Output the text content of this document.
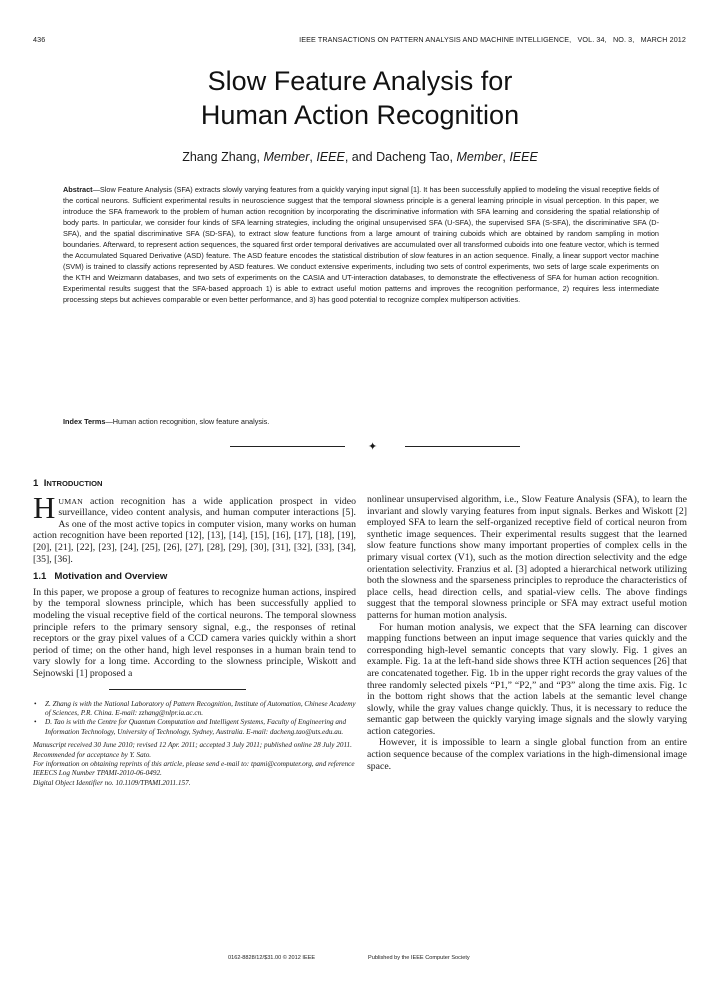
436	IEEE TRANSACTIONS ON PATTERN ANALYSIS AND MACHINE INTELLIGENCE,   VOL. 34,   NO. 3,   MARCH 2012
Slow Feature Analysis for
Human Action Recognition
Zhang Zhang, Member, IEEE, and Dacheng Tao, Member, IEEE
Abstract—Slow Feature Analysis (SFA) extracts slowly varying features from a quickly varying input signal [1]. It has been successfully applied to modeling the visual receptive fields of the cortical neurons. Sufficient experimental results in neuroscience suggest that the temporal slowness principle is a general learning principle in visual perception. In this paper, we introduce the SFA framework to the problem of human action recognition by incorporating the discriminative information with SFA learning and considering the spatial relationship of body parts. In particular, we consider four kinds of SFA learning strategies, including the original unsupervised SFA (U-SFA), the supervised SFA (S-SFA), the discriminative SFA (D-SFA), and the spatial discriminative SFA (SD-SFA), to extract slow feature functions from a large amount of training cuboids which are obtained by random sampling in motion boundaries. Afterward, to represent action sequences, the squared first order temporal derivatives are accumulated over all transformed cuboids into one feature vector, which is termed the Accumulated Squared Derivative (ASD) feature. The ASD feature encodes the statistical distribution of slow features in an action sequence. Finally, a linear support vector machine (SVM) is trained to classify actions represented by ASD features. We conduct extensive experiments, including two sets of control experiments, two sets of large scale experiments on the KTH and Weizmann databases, and two sets of experiments on the CASIA and UT-interaction databases, to demonstrate the effectiveness of SFA for human action recognition. Experimental results suggest that the SFA-based approach 1) is able to extract useful motion patterns and improves the recognition performance, 2) requires less intermediate processing steps but achieves comparable or even better performance, and 3) has good potential to recognize complex multiperson activities.
Index Terms—Human action recognition, slow feature analysis.
✦
1 INTRODUCTION

HUMAN action recognition has a wide application prospect in video surveillance, video content analysis, and human computer interactions [5]. As one of the most active topics in computer vision, many works on human action recognition have been reported [12], [13], [14], [15], [16], [17], [18], [19], [20], [21], [22], [23], [24], [25], [26], [27], [28], [29], [30], [31], [32], [33], [34], [35], [36].

1.1   Motivation and Overview

In this paper, we propose a group of features to recognize human actions, inspired by the temporal slowness principle, which has been successfully applied to modeling the visual receptive field of the cortical neurons. The temporal slowness principle refers to the primary sensory signal, e.g., the responses of retinal receptors or the gray pixel values of a CCD camera varies quickly within a short period of time; on the other hand, high level responses in a human brain tend to vary slowly for a long time. According to the slowness principle, Wiskott and Sejnowski [1] proposed a

• Z. Zhang is with the National Laboratory of Pattern Recognition, Institute of Automation, Chinese Academy of Sciences, P.R. China. E-mail: zzhang@nlpr.ia.ac.cn.

• D. Tao is with the Centre for Quantum Computation and Intelligent Systems, Faculty of Engineering and Information Technology, University of Technology, Sydney, Australia. E-mail: dacheng.tao@uts.edu.au.

Manuscript received 30 June 2010; revised 12 Apr. 2011; accepted 3 July 2011; published online 28 July 2011.

Recommended for acceptance by Y. Sato.

For information on obtaining reprints of this article, please send e-mail to: tpami@computer.org, and reference IEEECS Log Number TPAMI-2010-06-0492.

Digital Object Identifier no. 10.1109/TPAMI.2011.157.

nonlinear unsupervised algorithm, i.e., Slow Feature Analysis (SFA), to learn the invariant and slowly varying features from input signals. Berkes and Wiskott [2] employed SFA to learn the self-organized receptive field of cortical neuron from synthetic image sequences. Their experimental results suggest that the learned slow feature functions show many important properties of complex cells in the primary visual cortex (V1), such as the motion direction selectivity and the edge orientation selectivity. Franzius et al. [3] adopted a hierarchical network utilizing both the slowness and the sparseness principles to reproduce the characteristics of place cells, head direction cells, and spatial-view cells. The above findings suggest that the temporal slowness principle or SFA may extract useful motion patterns for human motion analysis.

For human motion analysis, we expect that the SFA learning can discover mapping functions between an input image sequence that varies quickly and the corresponding high-level semantic concepts that vary slowly. Fig. 1 gives an example. Fig. 1a at the left-hand side shows three KTH action sequences [26] that are concatenated together. Fig. 1b in the upper right records the gray values of the three randomly selected pixels “P1,” “P2,” and “P3” along the time axis. Fig. 1c in the bottom right shows that the action labels at the semantic level change slowly, while the gray values change quickly. Thus, it is necessary to reduce the semantic gap between the quickly varying image signals and the slowly varying action categories.

However, it is impossible to learn a single global function from an entire action sequence because of the complex variations in the high-dimensional image space.

0162-8828/12/$31.00 © 2012 IEEE	Published by the IEEE Computer Society
